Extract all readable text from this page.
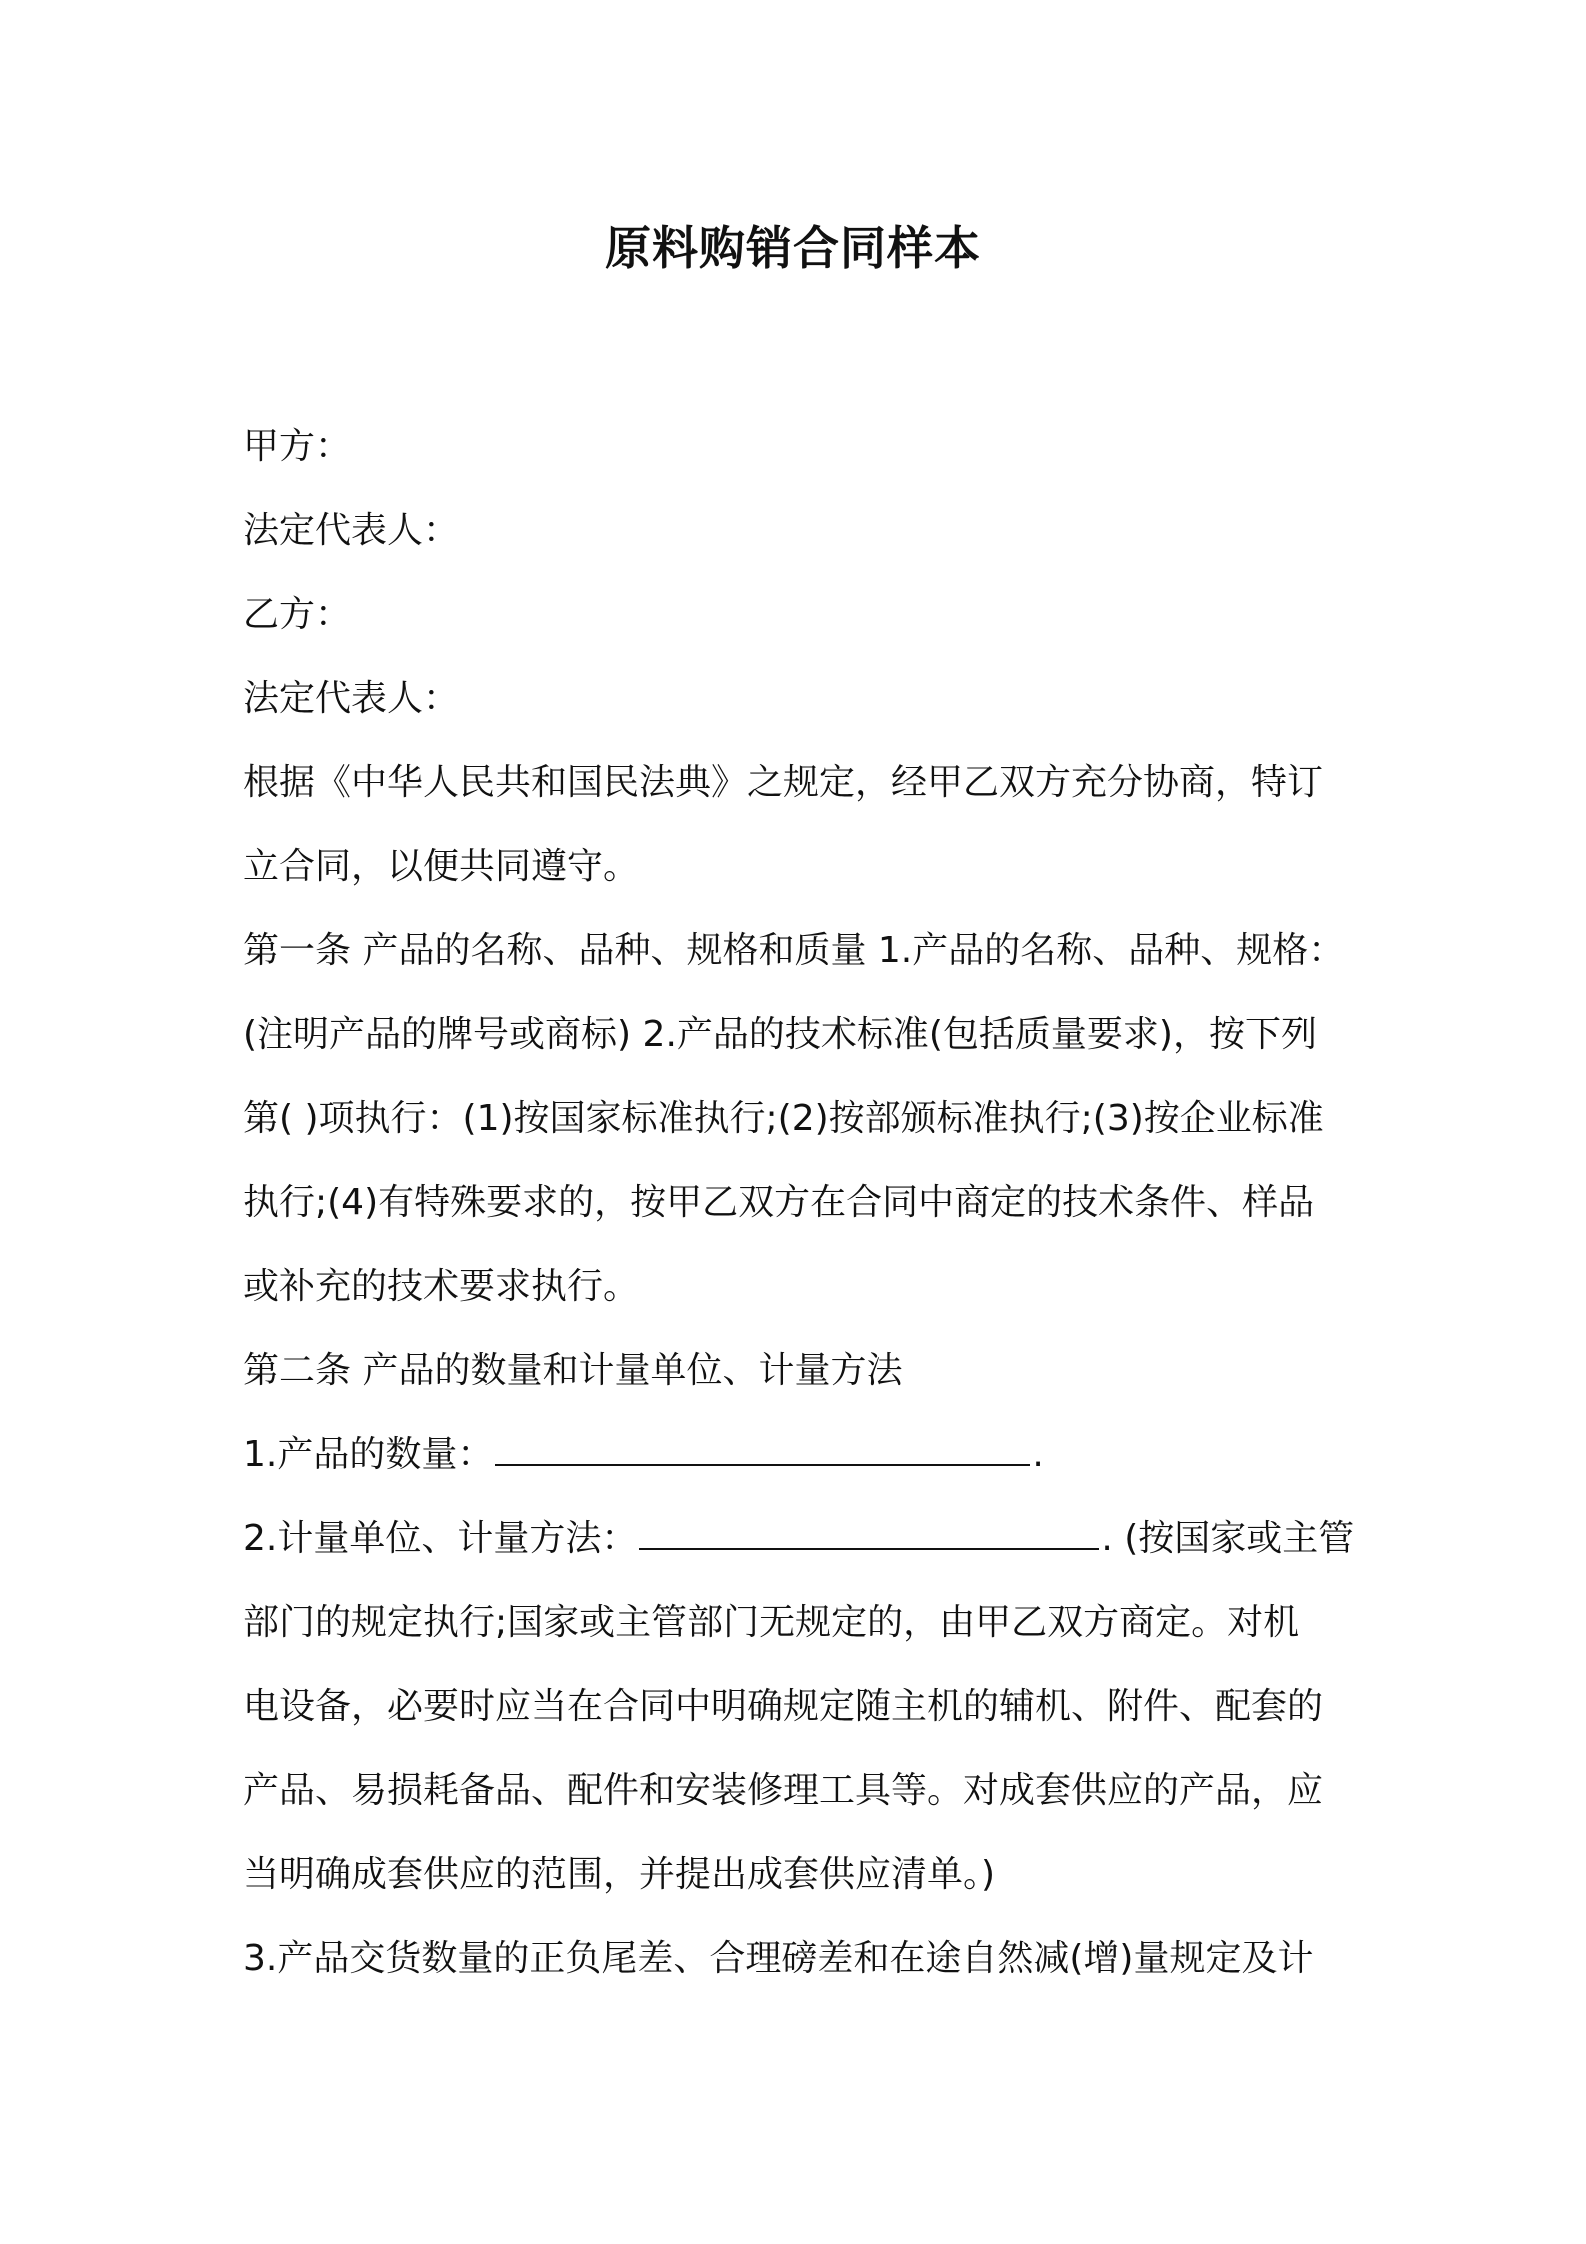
原料购销合同样本
甲方：
法定代表人：
乙方：
法定代表人：
根据《中华人民共和国民法典》之规定，经甲乙双方充分协商，特订
立合同，以便共同遵守。
第一条 产品的名称、品种、规格和质量 1.产品的名称、品种、规格：
(注明产品的牌号或商标) 2.产品的技术标准(包括质量要求)，按下列
第( )项执行：(1)按国家标准执行;(2)按部颁标准执行;(3)按企业标准
执行;(4)有特殊要求的，按甲乙双方在合同中商定的技术条件、样品
或补充的技术要求执行。
第二条 产品的数量和计量单位、计量方法
1.产品的数量：	.
2.计量单位、计量方法：	. (按国家或主管
部门的规定执行;国家或主管部门无规定的，由甲乙双方商定。对机
电设备，必要时应当在合同中明确规定随主机的辅机、附件、配套的
产品、易损耗备品、配件和安装修理工具等。对成套供应的产品，应
当明确成套供应的范围，并提出成套供应清单。)
3.产品交货数量的正负尾差、合理磅差和在途自然减(增)量规定及计
